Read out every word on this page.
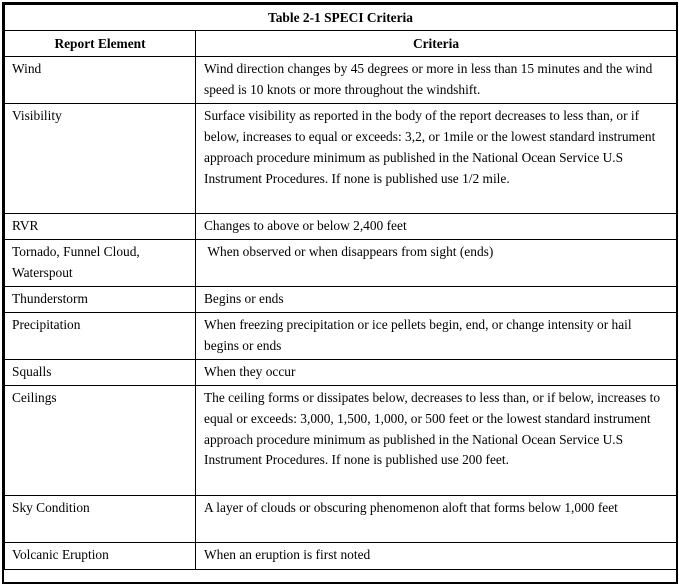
Table 2-1 SPECI Criteria	
Report Element	Criteria
Wind	Wind direction changes by 45 degrees or more in less than 15 minutes and the wind speed is 10 knots or more throughout the windshift.
Visibility	Surface visibility as reported in the body of the report decreases to less than, or if below, increases to equal or exceeds: 3,2, or 1mile or the lowest standard instrument approach procedure minimum as published in the National Ocean Service U.S Instrument Procedures. If none is published use 1/2 mile.
RVR	Changes to above or below 2,400 feet
Tornado, Funnel Cloud, Waterspout	When observed or when disappears from sight (ends)
Thunderstorm	Begins or ends
Precipitation	When freezing precipitation or ice pellets begin, end, or change intensity or hail begins or ends
Squalls	When they occur
Ceilings	The ceiling forms or dissipates below, decreases to less than, or if below, increases to equal or exceeds: 3,000, 1,500, 1,000, or 500 feet or the lowest standard instrument approach procedure minimum as published in the National Ocean Service U.S Instrument Procedures. If none is published use 200 feet.
Sky Condition	A layer of clouds or obscuring phenomenon aloft that forms below 1,000 feet
Volcanic Eruption	When an eruption is first noted
